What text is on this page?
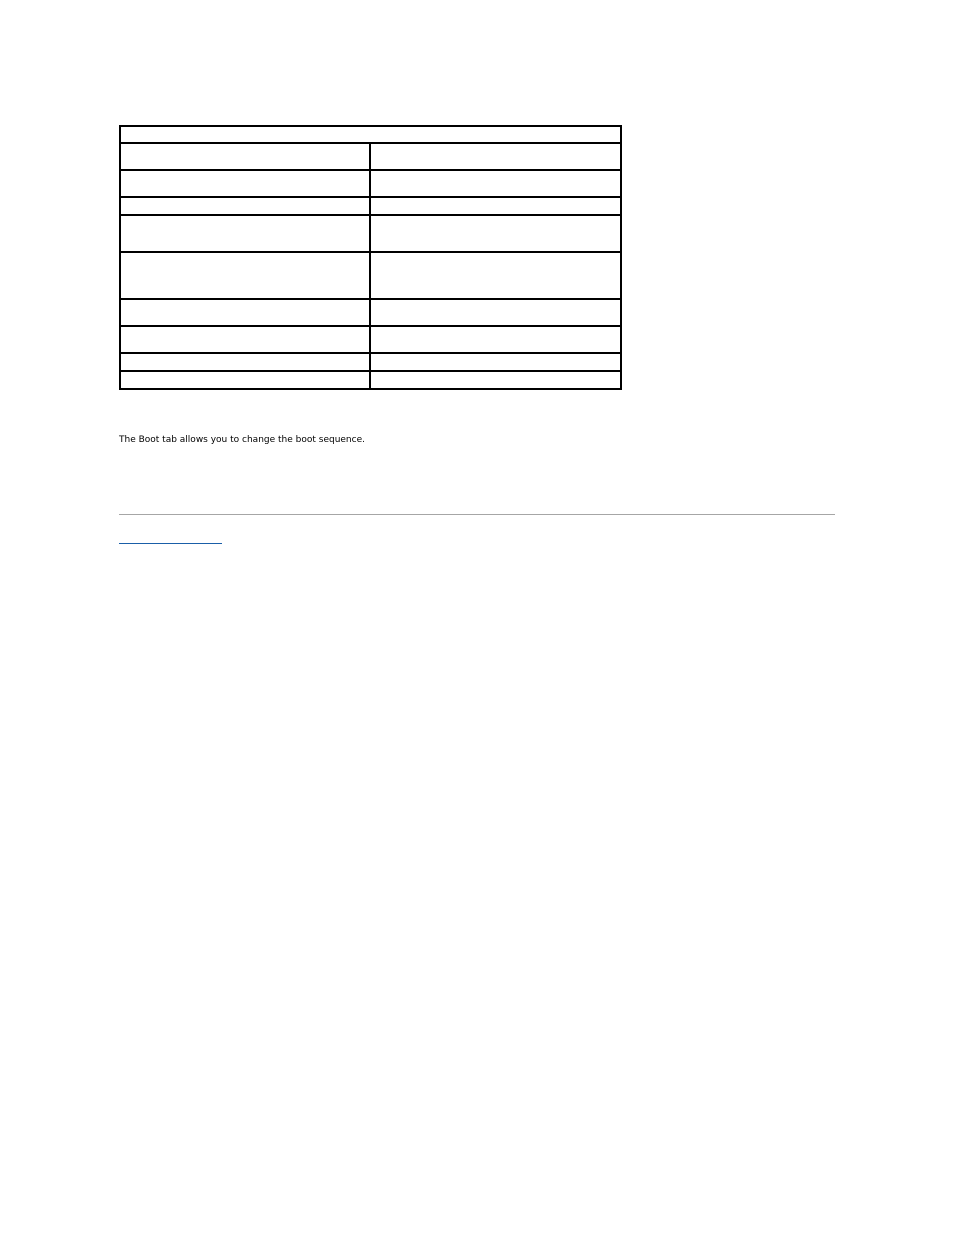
The Boot tab allows you to change the boot sequence.
